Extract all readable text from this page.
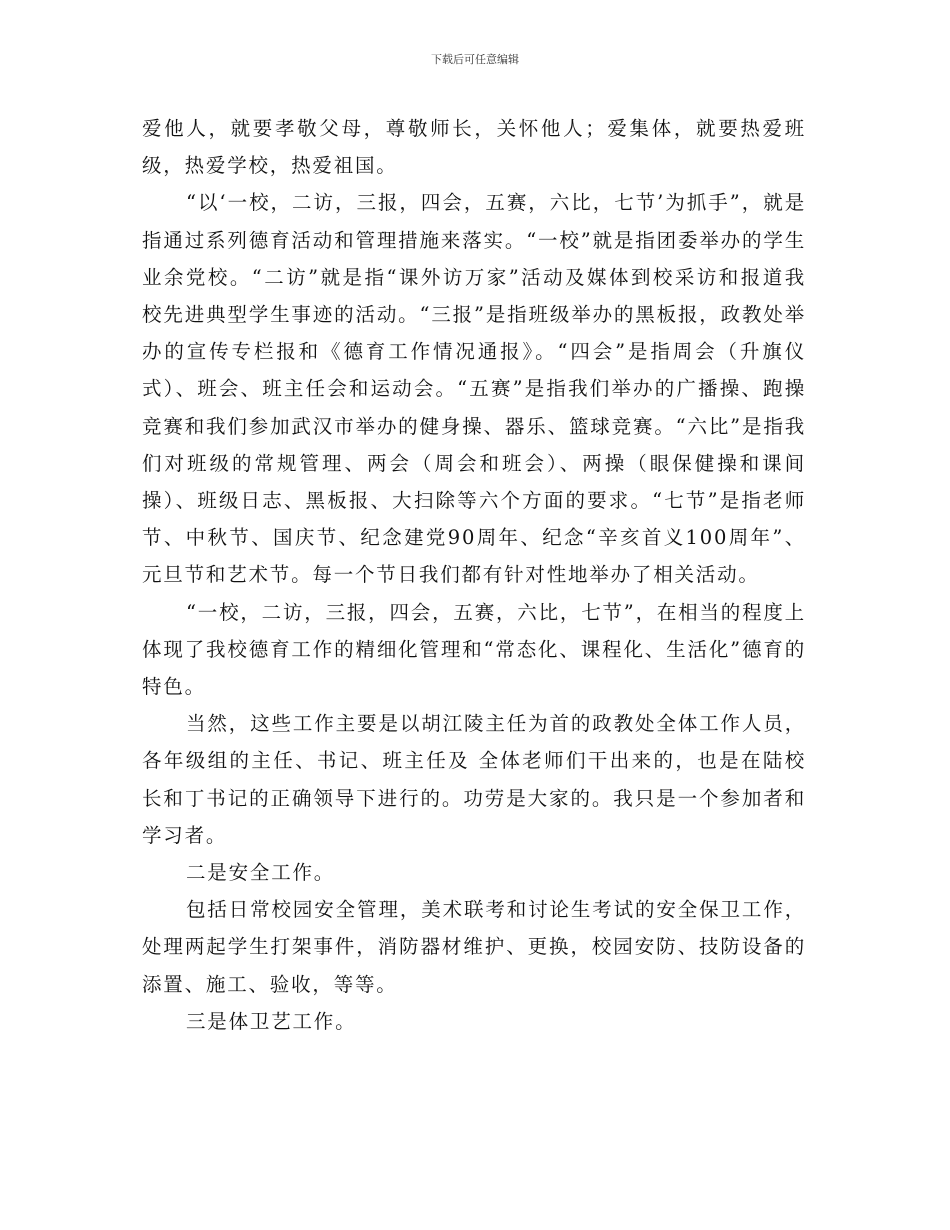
下载后可任意编辑

爱他人，就要孝敬父母，尊敬师长，关怀他人；爱集体，就要热爱班级，热爱学校，热爱祖国。

“以‘一校，二访，三报，四会，五赛，六比，七节’为抓手”，就是指通过系列德育活动和管理措施来落实。“一校”就是指团委举办的学生业余党校。“二访”就是指“课外访万家”活动及媒体到校采访和报道我校先进典型学生事迹的活动。“三报”是指班级举办的黑板报，政教处举办的宣传专栏报和《德育工作情况通报》。“四会”是指周会（升旗仪式）、班会、班主任会和运动会。“五赛”是指我们举办的广播操、跑操竞赛和我们参加武汉市举办的健身操、器乐、篮球竞赛。“六比”是指我们对班级的常规管理、两会（周会和班会）、两操（眼保健操和课间操）、班级日志、黑板报、大扫除等六个方面的要求。“七节”是指老师节、中秋节、国庆节、纪念建党90周年、纪念“辛亥首义100周年”、元旦节和艺术节。每一个节日我们都有针对性地举办了相关活动。

“一校，二访，三报，四会，五赛，六比，七节”，在相当的程度上体现了我校德育工作的精细化管理和“常态化、课程化、生活化”德育的特色。

当然，这些工作主要是以胡江陵主任为首的政教处全体工作人员，各年级组的主任、书记、班主任及 全体老师们干出来的，也是在陆校长和丁书记的正确领导下进行的。功劳是大家的。我只是一个参加者和学习者。

二是安全工作。

包括日常校园安全管理，美术联考和讨论生考试的安全保卫工作，处理两起学生打架事件，消防器材维护、更换，校园安防、技防设备的添置、施工、验收，等等。

三是体卫艺工作。
